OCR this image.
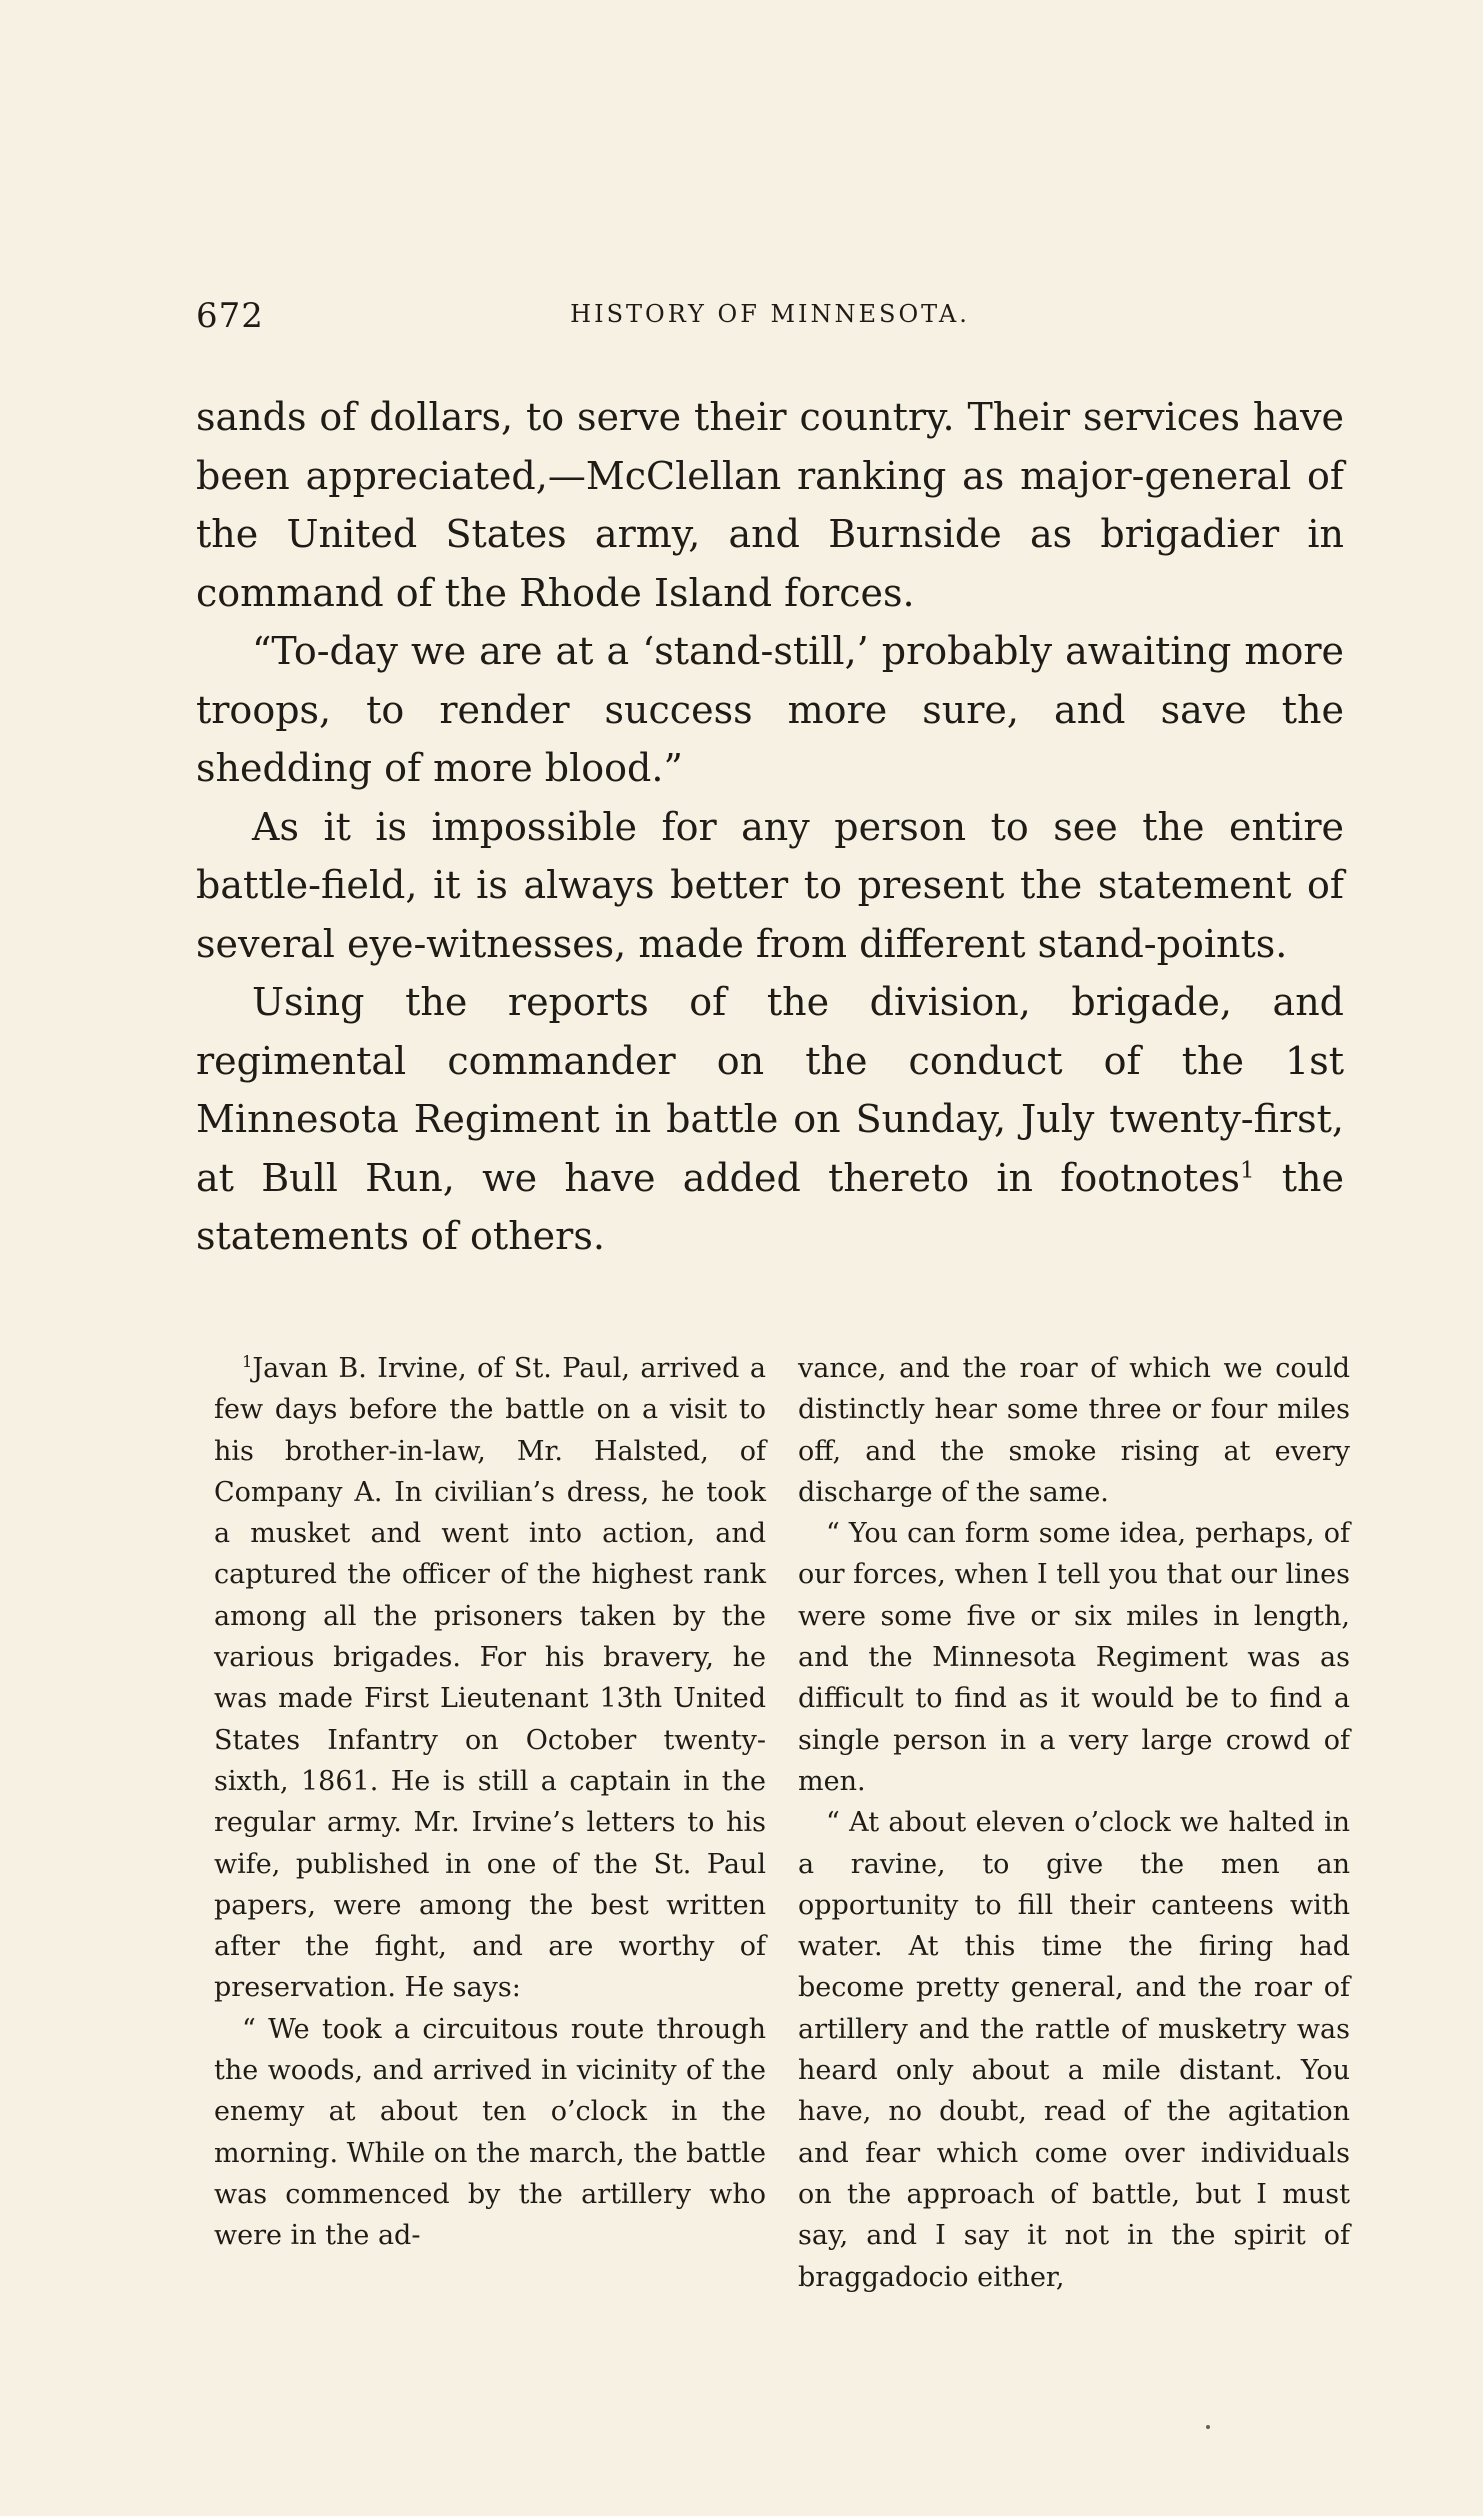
672	HISTORY OF MINNESOTA.

sands of dollars, to serve their country. Their services have been appreciated,—McClellan ranking as major-general of the United States army, and Burnside as brigadier in command of the Rhode Island forces.

“To-day we are at a ‘stand-still,’ probably awaiting more troops, to render success more sure, and save the shedding of more blood.”

As it is impossible for any person to see the entire battle-field, it is always better to present the statement of several eye-witnesses, made from different stand-points.

Using the reports of the division, brigade, and regimental commander on the conduct of the 1st Minnesota Regiment in battle on Sunday, July twenty-first, at Bull Run, we have added thereto in footnotes$^1$ the statements of others.

$^1$Javan B. Irvine, of St. Paul, arrived a few days before the battle on a visit to his brother-in-law, Mr. Halsted, of Company A. In civilian’s dress, he took a musket and went into action, and captured the officer of the highest rank among all the prisoners taken by the various brigades. For his bravery, he was made First Lieutenant 13th United States Infantry on October twenty-sixth, 1861. He is still a captain in the regular army. Mr. Irvine’s letters to his wife, published in one of the St. Paul papers, were among the best written after the fight, and are worthy of preservation. He says:

“ We took a circuitous route through the woods, and arrived in vicinity of the enemy at about ten o’clock in the morning. While on the march, the battle was commenced by the artillery who were in the ad-

vance, and the roar of which we could distinctly hear some three or four miles off, and the smoke rising at every discharge of the same.

“ You can form some idea, perhaps, of our forces, when I tell you that our lines were some five or six miles in length, and the Minnesota Regiment was as difficult to find as it would be to find a single person in a very large crowd of men.

“ At about eleven o’clock we halted in a ravine, to give the men an opportunity to fill their canteens with water. At this time the firing had become pretty general, and the roar of artillery and the rattle of musketry was heard only about a mile distant. You have, no doubt, read of the agitation and fear which come over individuals on the approach of battle, but I must say, and I say it not in the spirit of braggadocio either,
